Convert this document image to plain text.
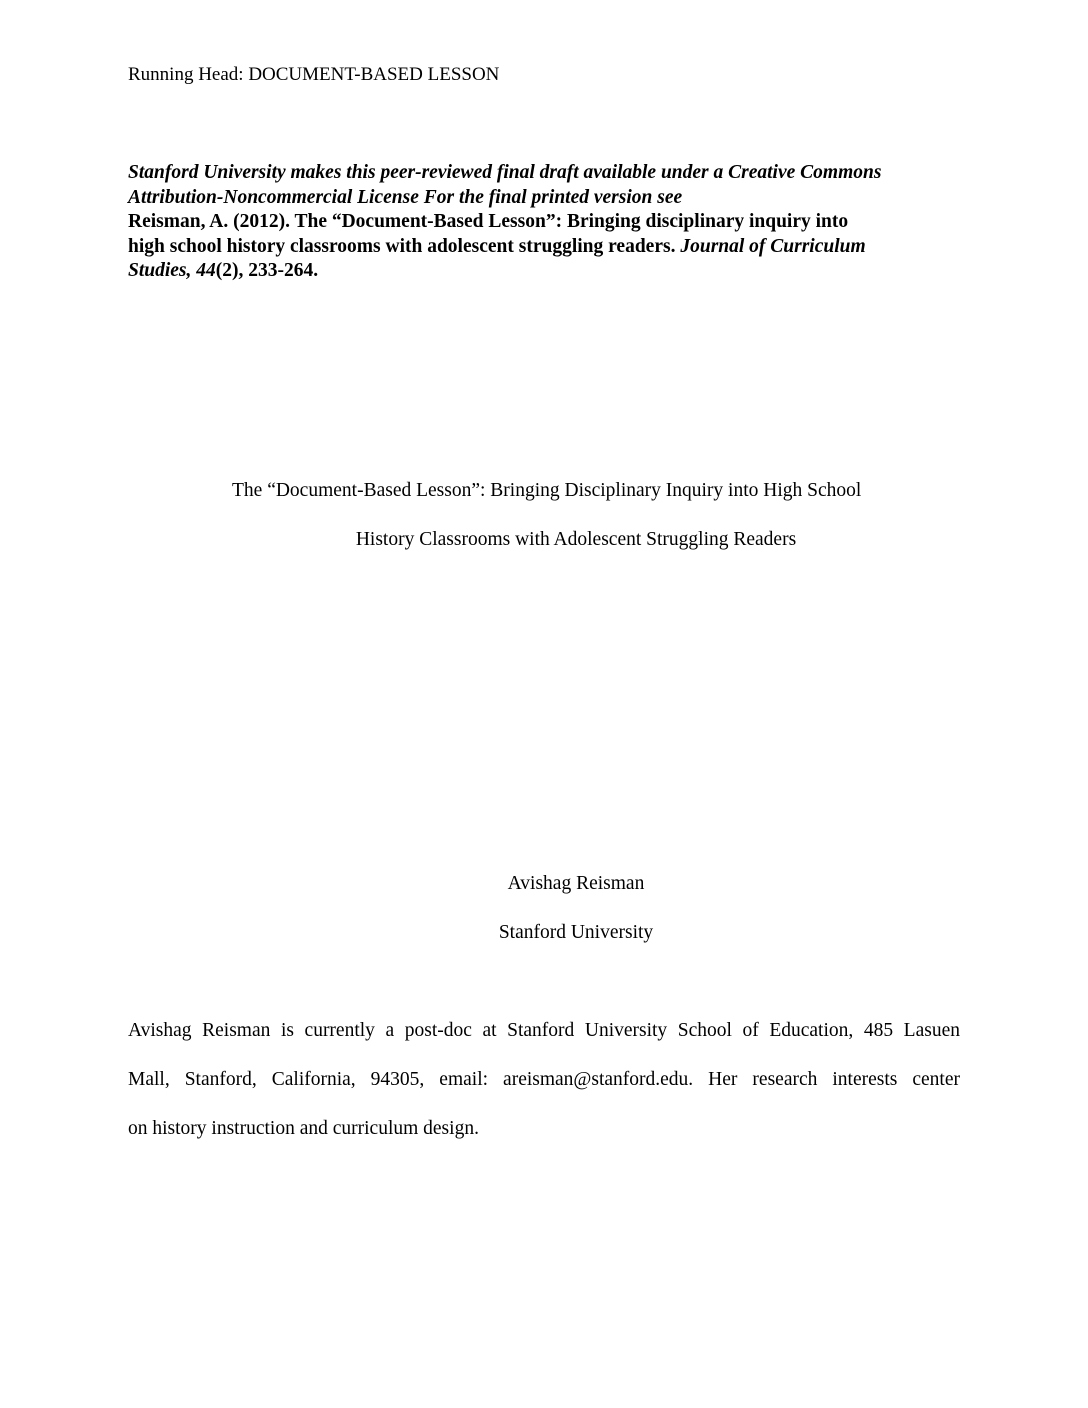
Running Head: DOCUMENT-BASED LESSON
Stanford University makes this peer-reviewed final draft available under a Creative Commons
Attribution-Noncommercial License For the final printed version see
Reisman, A. (2012). The “Document-Based Lesson”: Bringing disciplinary inquiry into
high school history classrooms with adolescent struggling readers. Journal of Curriculum
Studies, 44(2), 233-264.
The “Document-Based Lesson”: Bringing Disciplinary Inquiry into High School
History Classrooms with Adolescent Struggling Readers
Avishag Reisman
Stanford University
Avishag Reisman is currently a post-doc at Stanford University School of Education, 485 Lasuen
Mall, Stanford, California, 94305, email: areisman@stanford.edu. Her research interests center
on history instruction and curriculum design.
